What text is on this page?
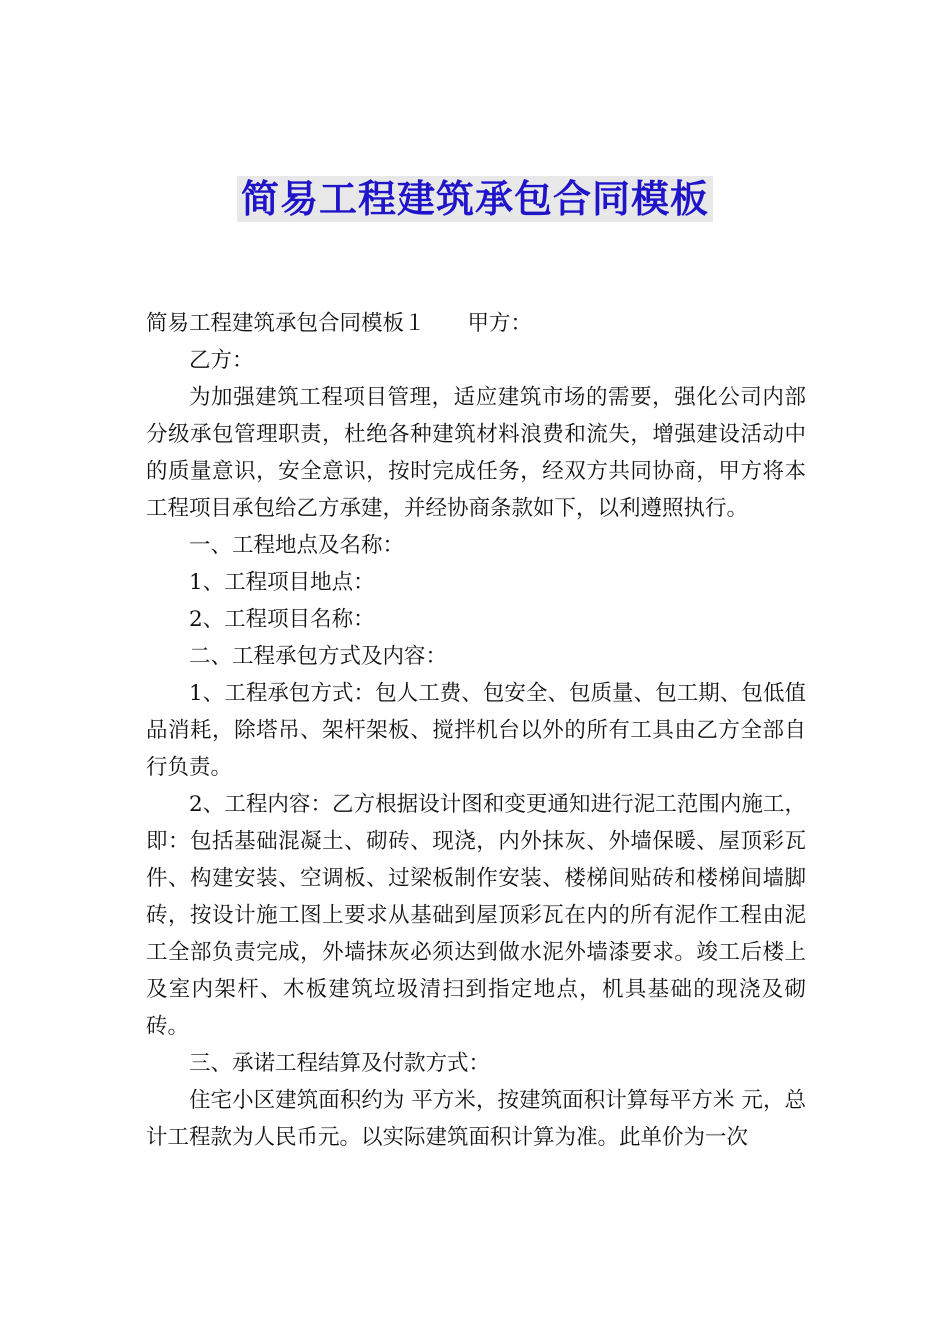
简易工程建筑承包合同模板

简易工程建筑承包合同模板１ 甲方：

乙方：

为加强建筑工程项目管理，适应建筑市场的需要，强化公司内部分级承包管理职责，杜绝各种建筑材料浪费和流失，增强建设活动中的质量意识，安全意识，按时完成任务，经双方共同协商，甲方将本工程项目承包给乙方承建，并经协商条款如下，以利遵照执行。

一、工程地点及名称：

1、工程项目地点：

2、工程项目名称：

二、工程承包方式及内容：

1、工程承包方式：包人工费、包安全、包质量、包工期、包低值品消耗，除塔吊、架杆架板、搅拌机台以外的所有工具由乙方全部自行负责。

2、工程内容：乙方根据设计图和变更通知进行泥工范围内施工，即：包括基础混凝土、砌砖、现浇，内外抹灰、外墙保暖、屋顶彩瓦件、构建安装、空调板、过梁板制作安装、楼梯间贴砖和楼梯间墙脚砖，按设计施工图上要求从基础到屋顶彩瓦在内的所有泥作工程由泥工全部负责完成，外墙抹灰必须达到做水泥外墙漆要求。竣工后楼上及室内架杆、木板建筑垃圾清扫到指定地点，机具基础的现浇及砌砖。

三、承诺工程结算及付款方式：

住宅小区建筑面积约为 平方米，按建筑面积计算每平方米 元，总计工程款为人民币元。以实际建筑面积计算为准。此单价为一次
